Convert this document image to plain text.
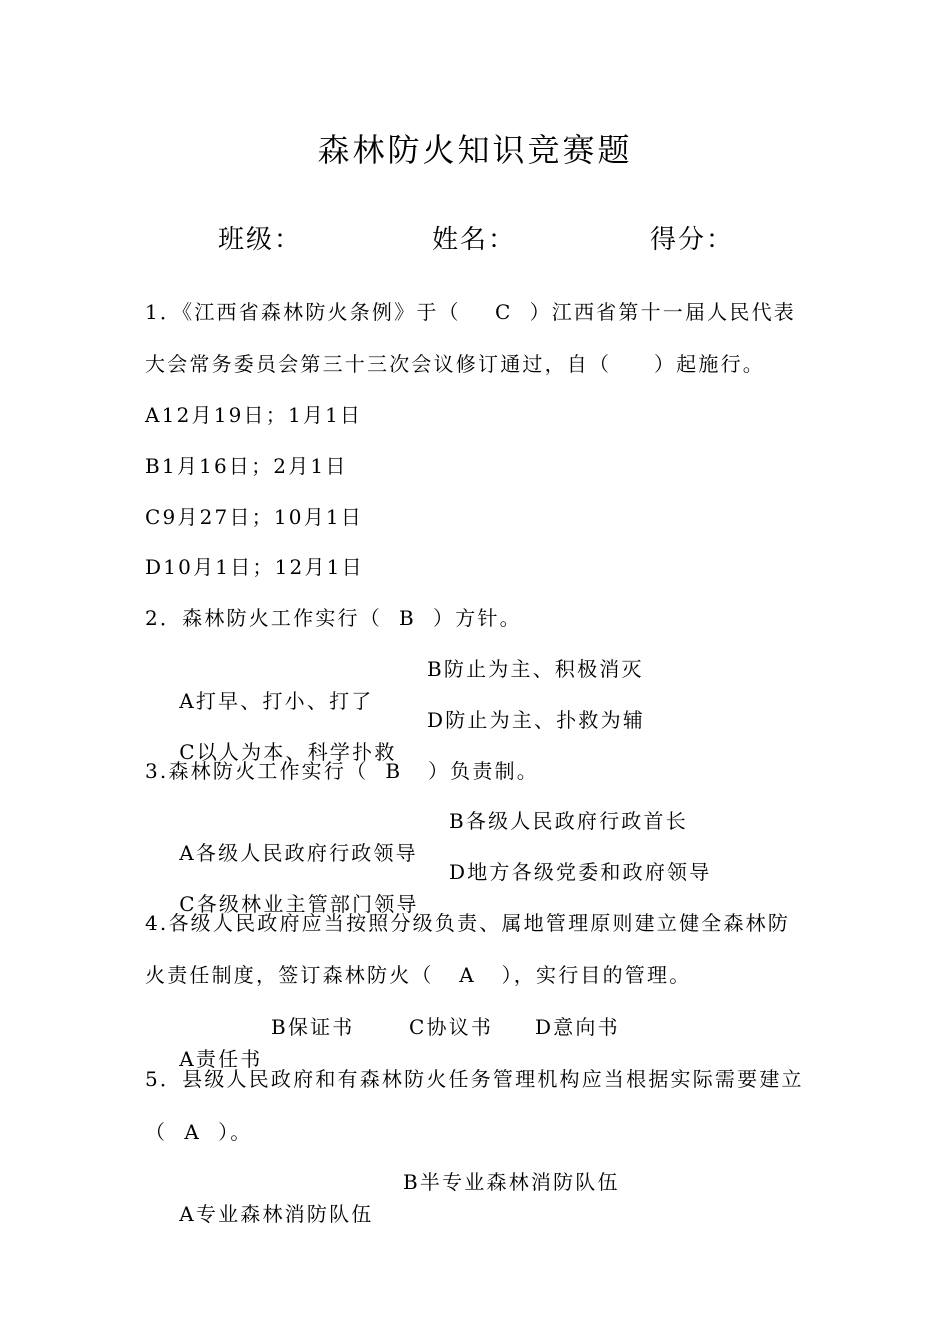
森林防火知识竞赛题
班级：	姓名：	得分：
1．《江西省森林防火条例》于（    C  ）江西省第十一届人民代表
大会常务委员会第三十三次会议修订通过，自（     ）起施行。
A12月19日；1月1日
B1月16日；2月1日
C9月27日；10月1日
D10月1日；12月1日
2．森林防火工作实行（  B  ）方针。

A打早、打小、打了

B防止为主、积极消灭

C以人为本、科学扑救

D防止为主、扑救为辅

3.森林防火工作实行（  B   ）负责制。

A各级人民政府行政领导

B各级人民政府行政首长

C各级林业主管部门领导

D地方各级党委和政府领导

4.各级人民政府应当按照分级负责、属地管理原则建立健全森林防
火责任制度，签订森林防火（   A   ），实行目的管理。

A责任书

B保证书

	C协议书

D意向书

5．县级人民政府和有森林防火任务管理机构应当根据实际需要建立
（  A  ）。

A专业森林消防队伍

B半专业森林消防队伍
